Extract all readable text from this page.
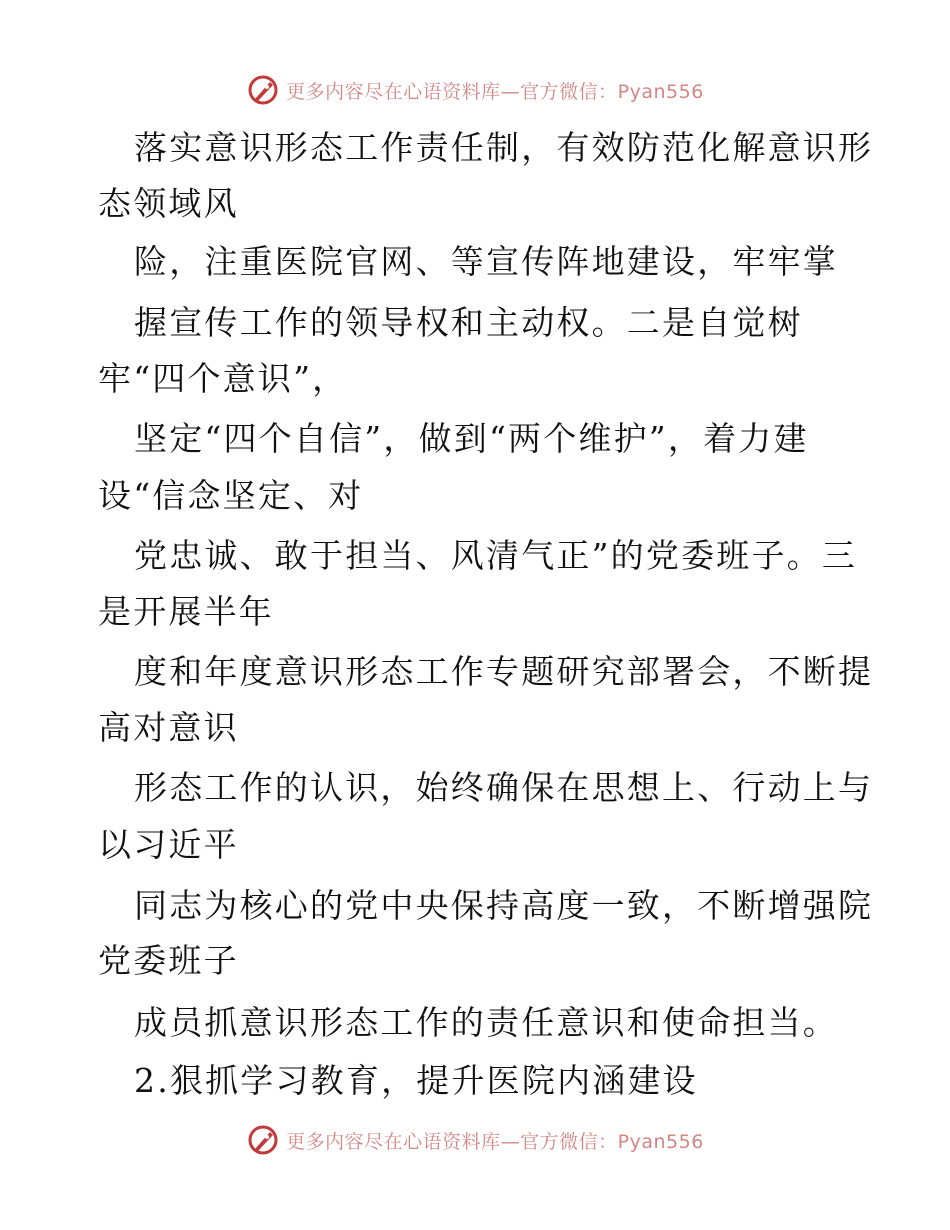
更多内容尽在心语资料库—官方微信：Pyan556
落实意识形态工作责任制，有效防范化解意识形
态领域风
险，注重医院官网、等宣传阵地建设，牢牢掌
握宣传工作的领导权和主动权。二是自觉树
牢“四个意识”，
坚定“四个自信”，做到“两个维护”，着力建
设“信念坚定、对
党忠诚、敢于担当、风清气正”的党委班子。三
是开展半年
度和年度意识形态工作专题研究部署会，不断提
高对意识
形态工作的认识，始终确保在思想上、行动上与
以习近平
同志为核心的党中央保持高度一致，不断增强院
党委班子
成员抓意识形态工作的责任意识和使命担当。
2.狠抓学习教育，提升医院内涵建设
更多内容尽在心语资料库—官方微信：Pyan556
